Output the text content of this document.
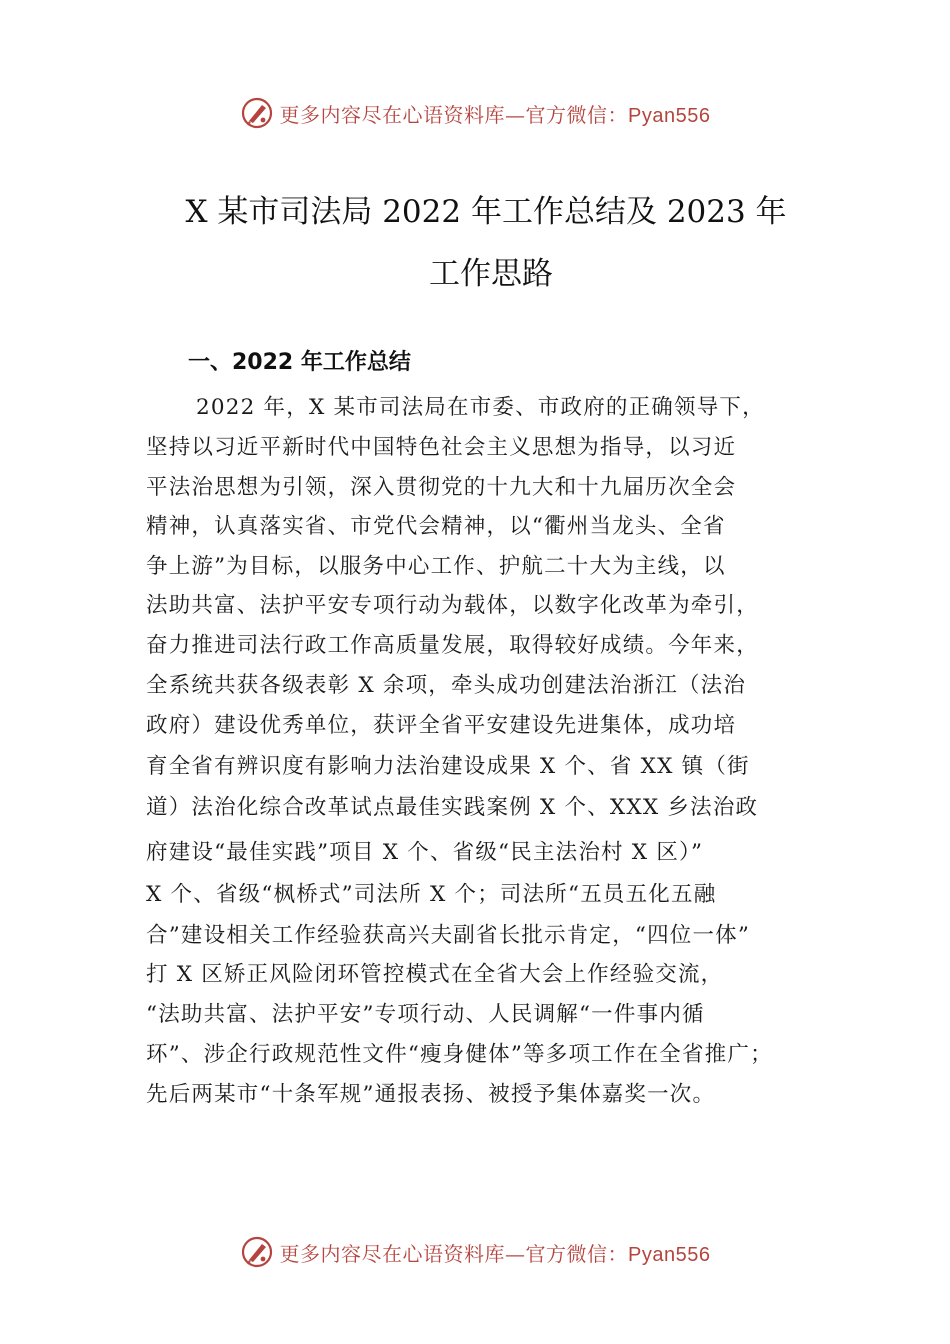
更多内容尽在心语资料库—官方微信：Pyan556
X 某市司法局 2022 年工作总结及 2023 年
工作思路
一、2022 年工作总结
2022 年，X 某市司法局在市委、市政府的正确领导下，
坚持以习近平新时代中国特色社会主义思想为指导，以习近
平法治思想为引领，深入贯彻党的十九大和十九届历次全会
精神，认真落实省、市党代会精神，以“衢州当龙头、全省
争上游”为目标，以服务中心工作、护航二十大为主线，以
法助共富、法护平安专项行动为载体，以数字化改革为牵引，
奋力推进司法行政工作高质量发展，取得较好成绩。今年来，
全系统共获各级表彰 X 余项，牵头成功创建法治浙江（法治
政府）建设优秀单位，获评全省平安建设先进集体，成功培
育全省有辨识度有影响力法治建设成果 X 个、省 XX 镇（街
道）法治化综合改革试点最佳实践案例 X 个、XXX 乡法治政
府建设“最佳实践”项目 X 个、省级“民主法治村 X 区）”
X 个、省级“枫桥式”司法所 X 个；司法所“五员五化五融
合”建设相关工作经验获高兴夫副省长批示肯定，“四位一体”
打 X 区矫正风险闭环管控模式在全省大会上作经验交流，
“法助共富、法护平安”专项行动、人民调解“一件事内循
环”、涉企行政规范性文件“瘦身健体”等多项工作在全省推广；
先后两某市“十条军规”通报表扬、被授予集体嘉奖一次。
更多内容尽在心语资料库—官方微信：Pyan556
